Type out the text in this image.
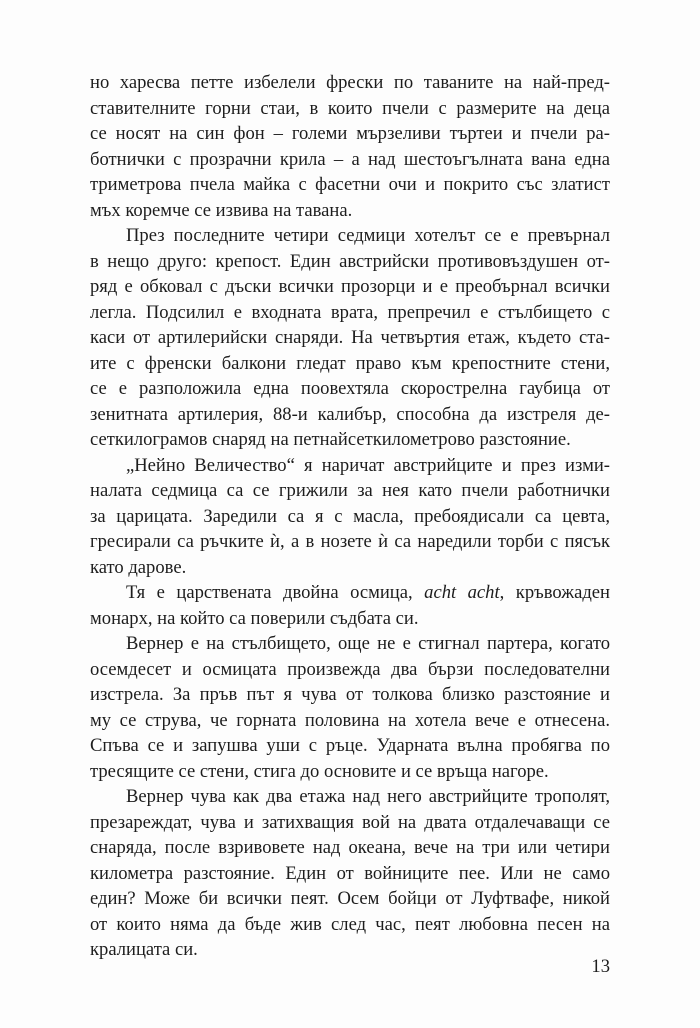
но харесва петте избелели фрески по таваните на най-пред-
ставителните горни стаи, в които пчели с размерите на деца
се носят на син фон – големи мързеливи търтеи и пчели ра-
ботнички с прозрачни крила – а над шестоъгълната вана една
триметрова пчела майка с фасетни очи и покрито със златист
мъх коремче се извива на тавана.
През последните четири седмици хотелът се е превърнал
в нещо друго: крепост. Един австрийски противовъздушен от-
ряд е обковал с дъски всички прозорци и е преобърнал всички
легла. Подсилил е входната врата, препречил е стълбището с
каси от артилерийски снаряди. На четвъртия етаж, където ста-
ите с френски балкони гледат право към крепостните стени,
се е разположила една поовехтяла скорострелна гаубица от
зенитната артилерия, 88-и калибър, способна да изстреля де-
сеткилограмов снаряд на петнайсеткилометрово разстояние.
„Нейно Величество“ я наричат австрийците и през изми-
налата седмица са се грижили за нея като пчели работнички
за царицата. Заредили са я с масла, пребоядисали са цевта,
гресирали са ръчките ѝ, а в нозете ѝ са наредили торби с пясък
като дарове.
Тя е царствената двойна осмица, acht acht, кръвожаден
монарх, на който са поверили съдбата си.
Вернер е на стълбището, още не е стигнал партера, когато
осемдесет и осмицата произвежда два бързи последователни
изстрела. За пръв път я чува от толкова близко разстояние и
му се струва, че горната половина на хотела вече е отнесена.
Спъва се и запушва уши с ръце. Ударната вълна пробягва по
тресящите се стени, стига до основите и се връща нагоре.
Вернер чува как два етажа над него австрийците трополят,
презареждат, чува и затихващия вой на двата отдалечаващи се
снаряда, после взривовете над океана, вече на три или четири
километра разстояние. Един от войниците пее. Или не само
един? Може би всички пеят. Осем бойци от Луфтвафе, никой
от които няма да бъде жив след час, пеят любовна песен на
кралицата си.
13
